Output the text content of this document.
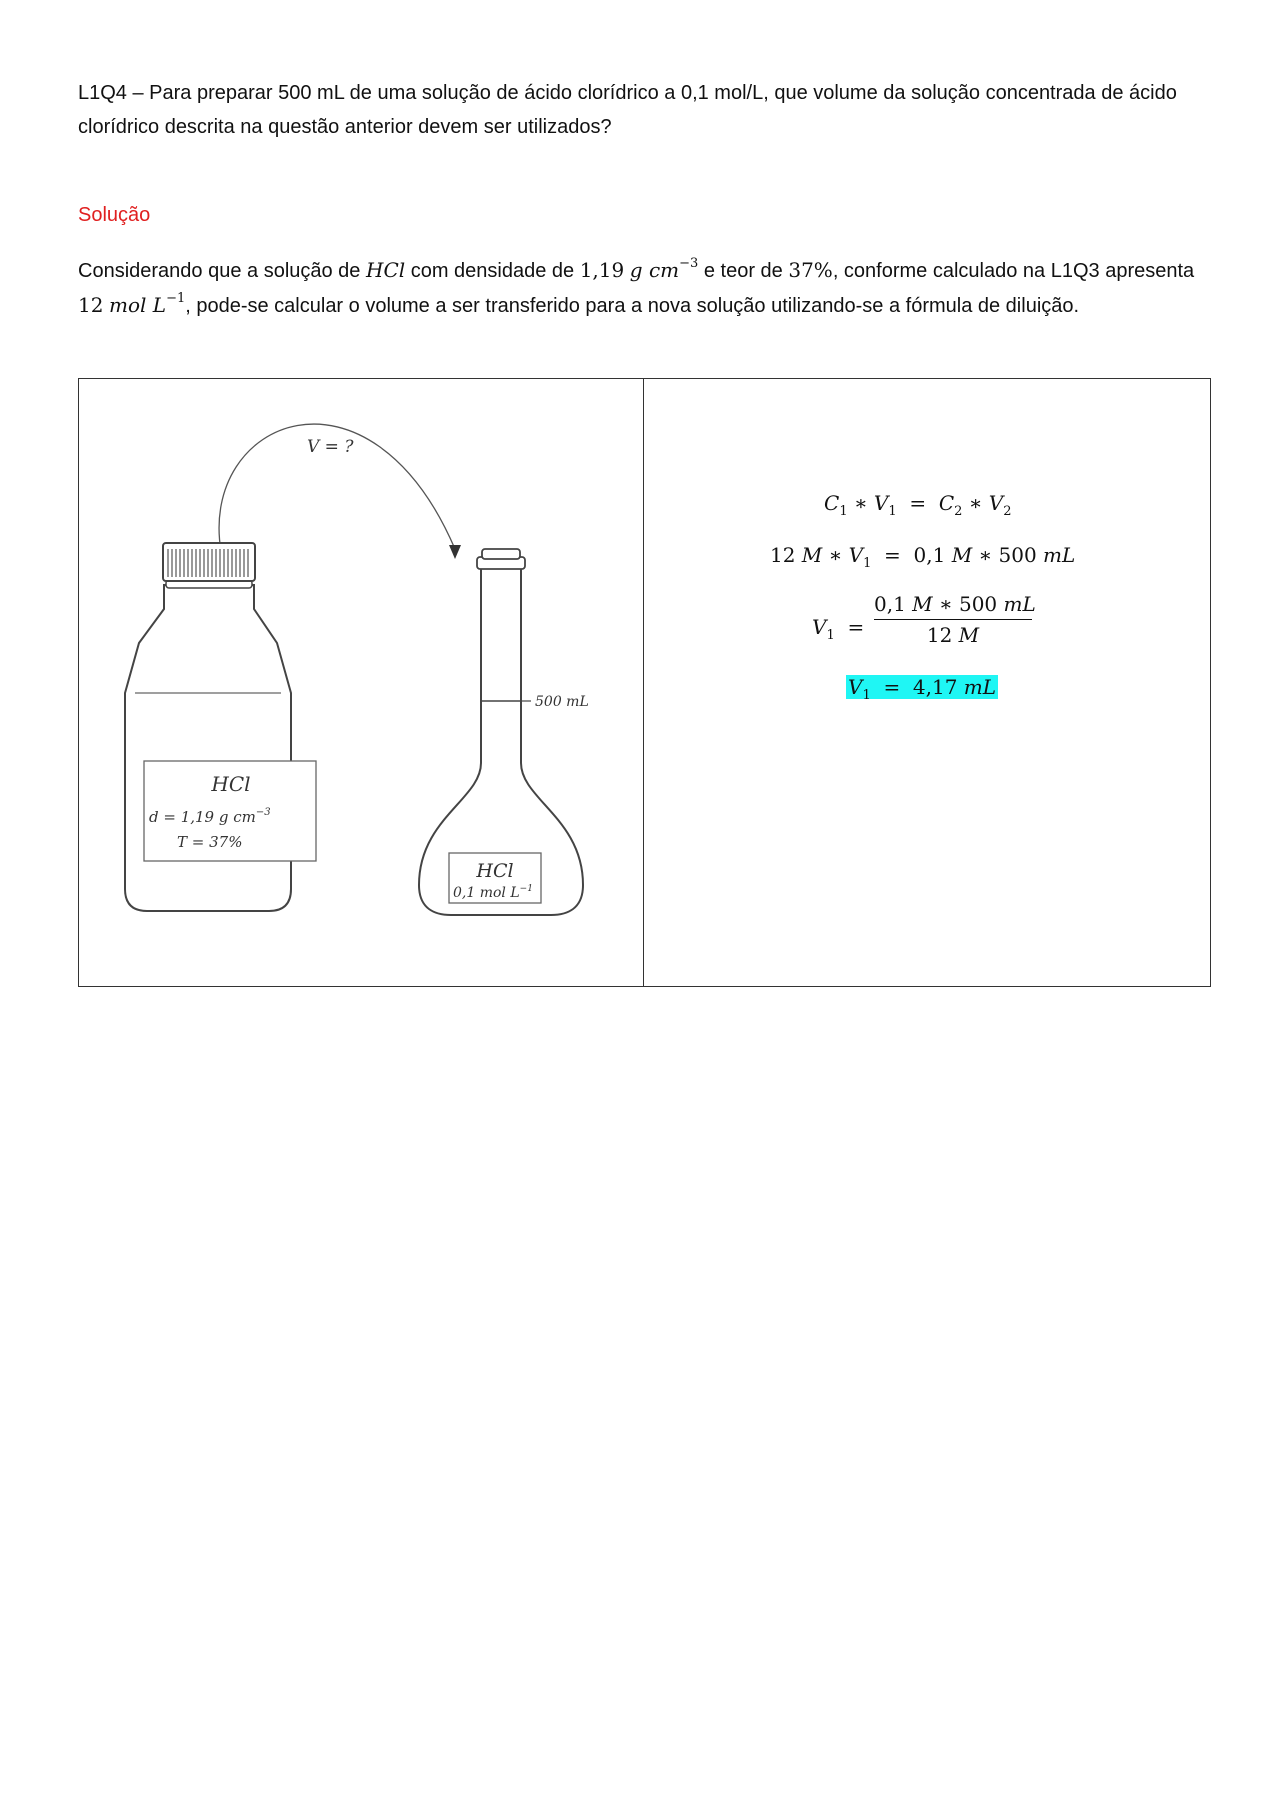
L1Q4 – Para preparar 500 mL de uma solução de ácido clorídrico a 0,1 mol/L, que volume da solução concentrada de ácido clorídrico descrita na questão anterior devem ser utilizados?
Solução
Considerando que a solução de HCl com densidade de 1,19 g $cm^{-3}$ e teor de 37%, conforme calculado na L1Q3 apresenta 12 mol $L^{-1}$, pode-se calcular o volume a ser transferido para a nova solução utilizando-se a fórmula de diluição.
V = ?
HCl
d = 1,19 g $cm^{-3}$
T = 37%
500 mL
HCl
0,1 mol $L^{-1}$
$C_1$ ∗ $V_1 = C_2$ ∗ $V_2$
12 M ∗ $V_1 = 0,1$ M ∗ 500 mL
$V_1 = \frac{0,1 M ∗ 500 mL}{12 M}$
$V_1 = 4,17$ mL
